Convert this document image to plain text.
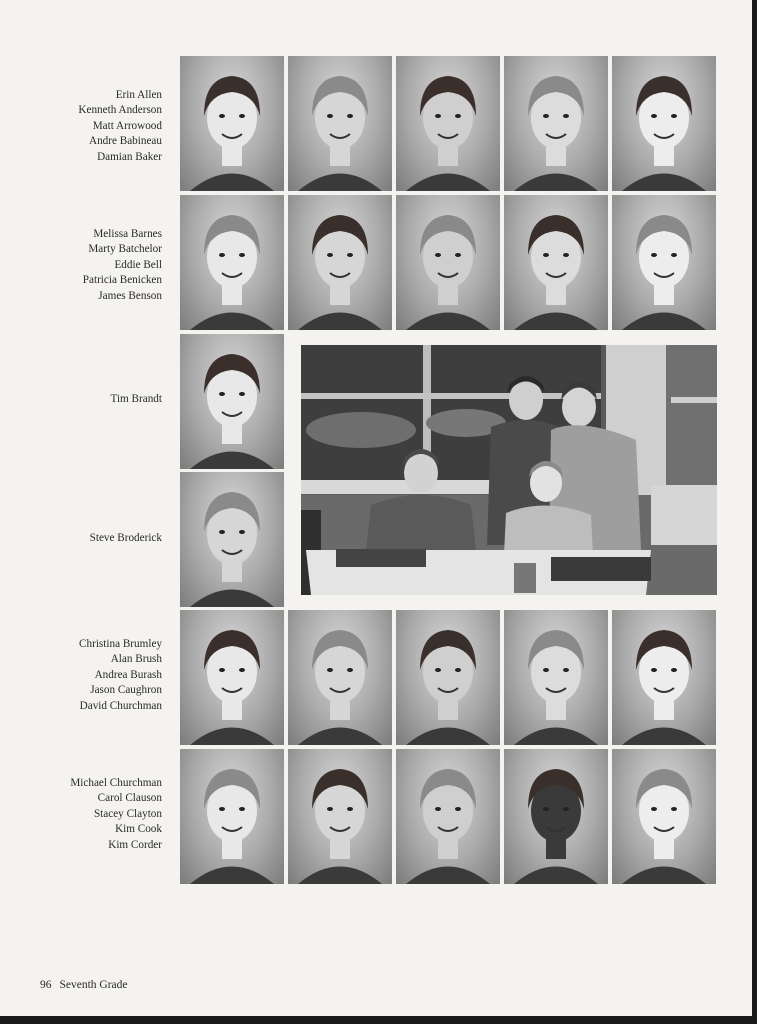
Erin Allen
Kenneth Anderson
Matt Arrowood
Andre Babineau
Damian Baker
Melissa Barnes
Marty Batchelor
Eddie Bell
Patricia Benicken
James Benson
Tim Brandt
Steve Broderick
Christina Brumley
Alan Brush
Andrea Burash
Jason Caughron
David Churchman
Michael Churchman
Carol Clauson
Stacey Clayton
Kim Cook
Kim Corder
96 Seventh Grade
